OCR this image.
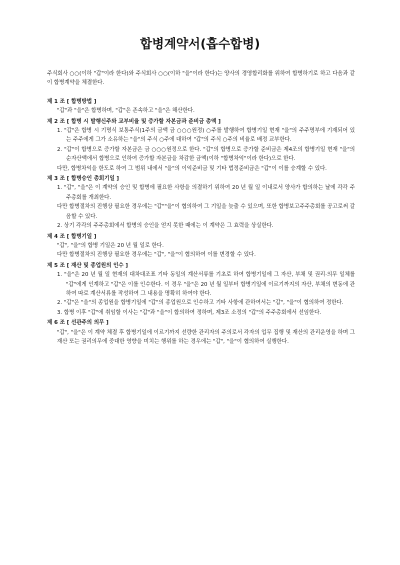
합병계약서(흡수합병)

주식회사 ○○(이하 "갑"이라 한다)와 주식회사 ○○(이하 "을"이라 한다)는 양사의 경영합리화를 위하여 합병하기로 하고 다음과 같이 합병계약을 체결한다.

제 1 조 [ 합병방법 ]

"갑"과 "을"은 합병하며, "갑"은 존속하고 "을"은 해산한다.

제 2 조 [ 합병 시 발행신주와 교부비율 및 증가할 자본금과 준비금 총액 ]

1. "갑"은 합병 시 기명식 보통주식(1주의 금액 금 ○○○원정) ○주를 발행하여 합병기일 현재 "을"의 주주명부에 기재되어 있는 주주에게 그가 소유하는 "을"의 주식 ○주에 대하여 "갑"의 주식 ○주의 비율로 배정 교부한다.

2. "갑"이 합병으로 증가할 자본금은 금 ○○○원정으로 한다. "갑"의 합병으로 증가할 준비금은 제4조의 합병기일 현재 "을"의 순자산액에서 합병으로 인하여 증가할 자본금을 차감한 금액(이하 "합병차익"이라 한다)으로 한다.

다만, 합병차익을 한도로 하여 그 범위 내에서 "을"의 이익준비금 및 기타 법정준비금은 "갑"이 이를 승계할 수 있다.

제 3 조 [ 합병승인 총회기일 ]

1. "갑", "을"은 이 계약의 승인 및 합병에 필요한 사항을 의결하기 위하여 20 년 월 일 이내로서 양사가 합의하는 날에 각각 주주총회를 개최한다.

다만 합병절차의 진행상 필요한 경우에는 "갑""을"이 협의하여 그 기일을 늦출 수 있으며, 또한 합병보고주주총회를 공고로써 갈음할 수 있다.

2. 상기 각각의 주주총회에서 합병의 승인을 얻지 못한 때에는 이 계약은 그 효력을 상실한다.

제 4 조 [ 합병기일 ]

"갑", "을"의 합병 기일은 20 년 월 일로 한다.

다만 합병절차의 진행상 필요한 경우에는 "갑", "을"이 협의하여 이를 변경할 수 있다.

제 5 조 [ 재산 및 종업원의 인수 ]

1. "을"은 20 년 월 일 현재의 대차대조표 기타 동일의 계산서류를 기초로 하여 합병기일에 그 자산, 부채 및 권리·의무 일체를 "갑"에게 인계하고 "갑"은 이를 인수한다. 이 경우 "을"은 20 년 월 일부터 합병기일에 이르기까지의 자산, 부채의 변동에 관하여 따로 계산서류를 작성하여 그 내용을 명확히 하여야 한다.

2. "갑"은 "을"의 종업원을 합병기일에 "갑"의 종업원으로 인수하고 기타 사항에 관하여서는 "갑", "을"이 협의하여 정한다.

3. 합병 이후 "갑"에 취임할 이사는 "갑"과 "을"이 합의하여 정하며, 제3조 소정의 "갑"의 주주총회에서 선임한다.

제 6 조 [ 선관주의 의무 ]

"갑", "을"은 이 계약 체결 후 합병기일에 이르기까지 선량한 관리자의 주의로서 각자의 업무 집행 및 재산의 관리운영을 하며 그 재산 또는 권리의무에 중대한 영향을 미치는 행위를 하는 경우에는 "갑", "을"이 협의하여 실행한다.
